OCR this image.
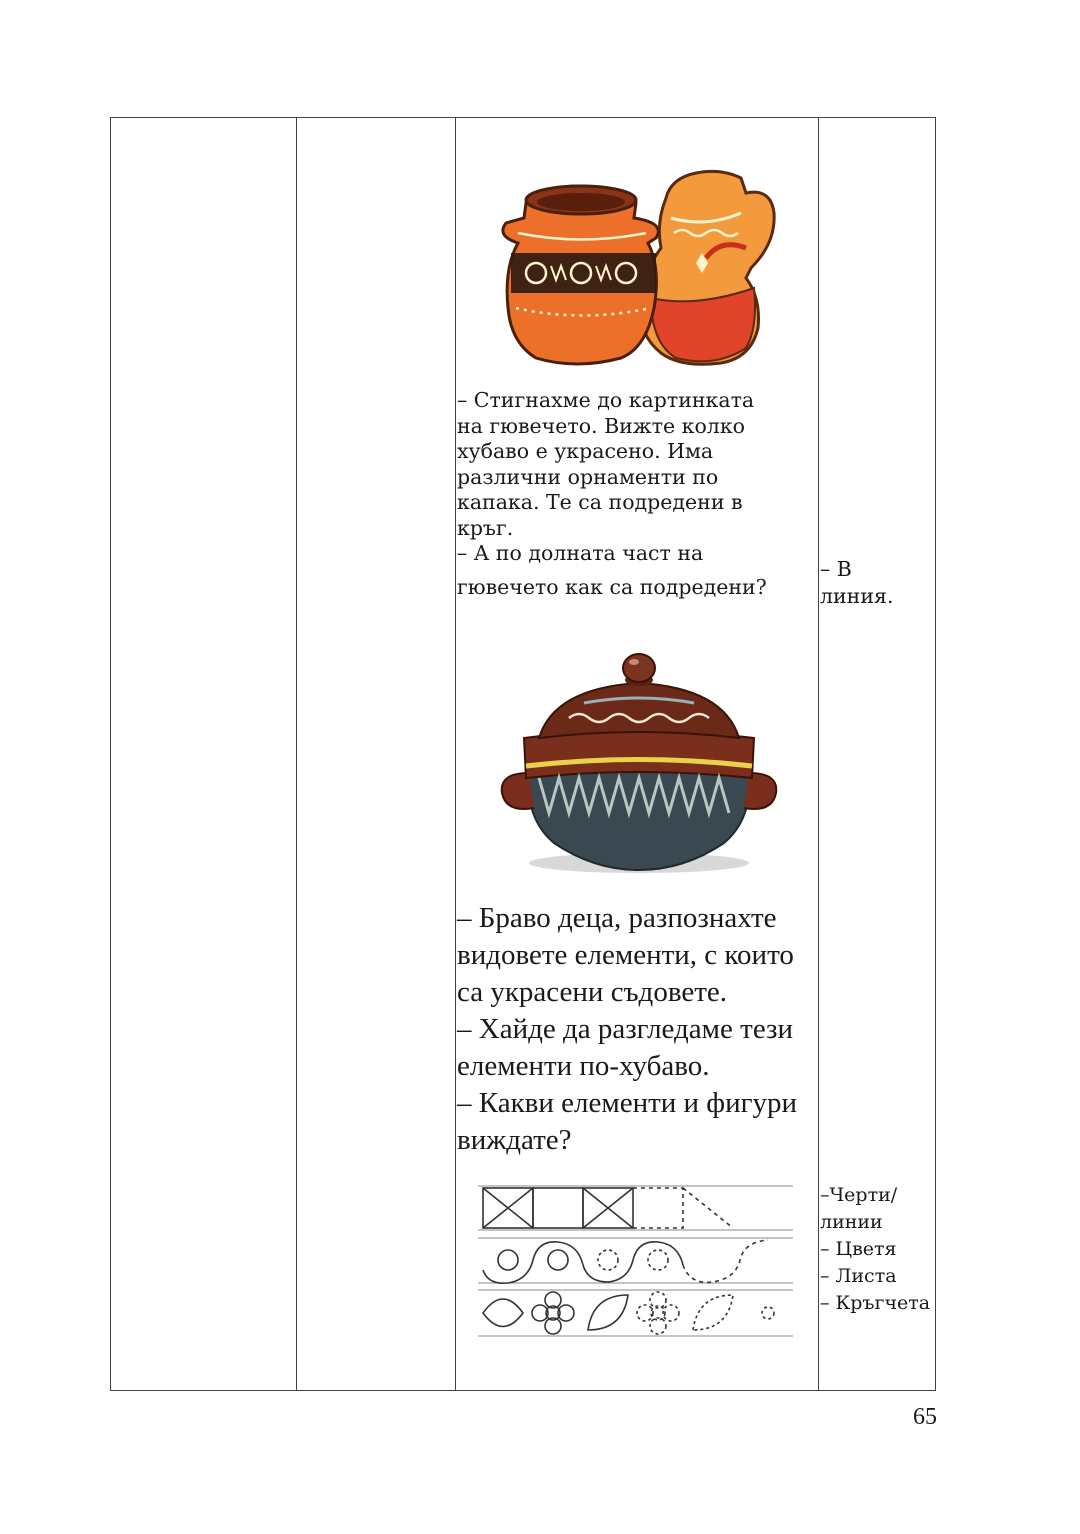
– Стигнахме до картинката
на гювечето. Вижте колко
хубаво е украсено. Има
различни орнаменти по
капака. Те са подредени в
кръг.
– А по долната част на

гювечето как са подредени?

– Браво деца, разпознахте
видовете елементи, с които
са украсени съдовете.
– Хайде да разгледаме тези
елементи по-хубаво.
– Какви елементи и фигури
виждате?

– В
линия.
–Черти/
линии
– Цветя
– Листа
– Кръгчета
65
